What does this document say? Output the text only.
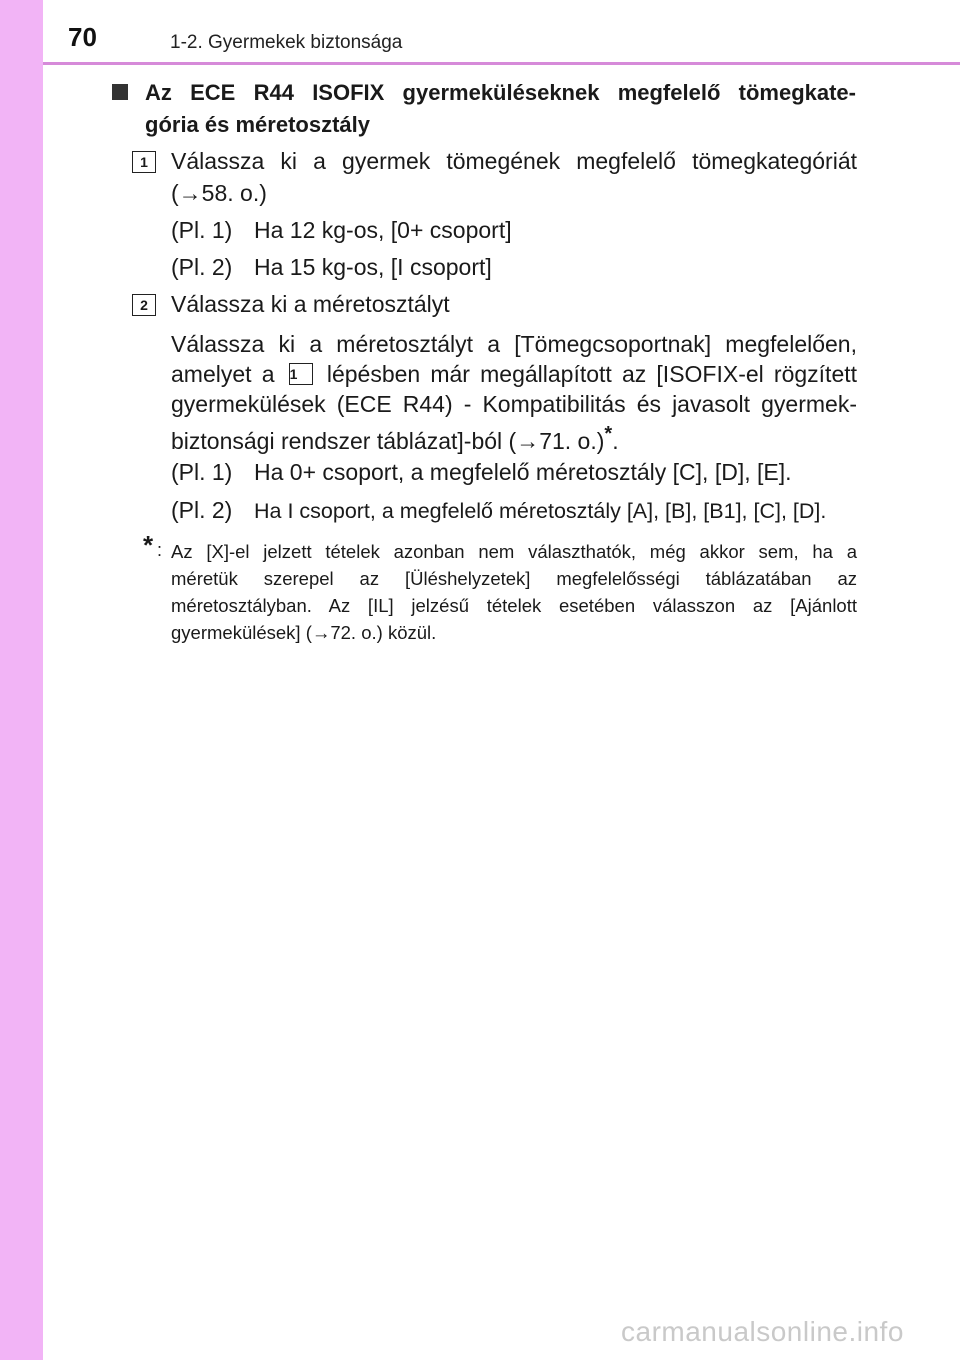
70	1-2. Gyermekek biztonsága
Az ECE R44 ISOFIX gyermeküléseknek megfelelő tömegkate-
gória és méretosztály
1	Válassza ki a gyermek tömegének megfelelő tömegkategóriát
(→58. o.)
(Pl. 1) Ha 12 kg-os, [0+ csoport]
(Pl. 2) Ha 15 kg-os, [I csoport]
2	Válassza ki a méretosztályt
Válassza ki a méretosztályt a [Tömegcsoportnak] megfelelően,
amelyet a 1 lépésben már megállapított az [ISOFIX-el rögzített
gyermekülések (ECE R44) - Kompatibilitás és javasolt gyermek-
biztonsági rendszer táblázat]-ból (→71. o.)*.
(Pl. 1) Ha 0+ csoport, a megfelelő méretosztály [C], [D], [E].
(Pl. 2) Ha I csoport, a megfelelő méretosztály [A], [B], [B1], [C], [D].
* : Az [X]-el jelzett tételek azonban nem választhatók, még akkor sem, ha a
méretük szerepel az [Üléshelyzetek] megfelelősségi táblázatában az
méretosztályban. Az [IL] jelzésű tételek esetében válasszon az [Ajánlott
gyermekülések] (→72. o.) közül.
carmanualsonline.info
